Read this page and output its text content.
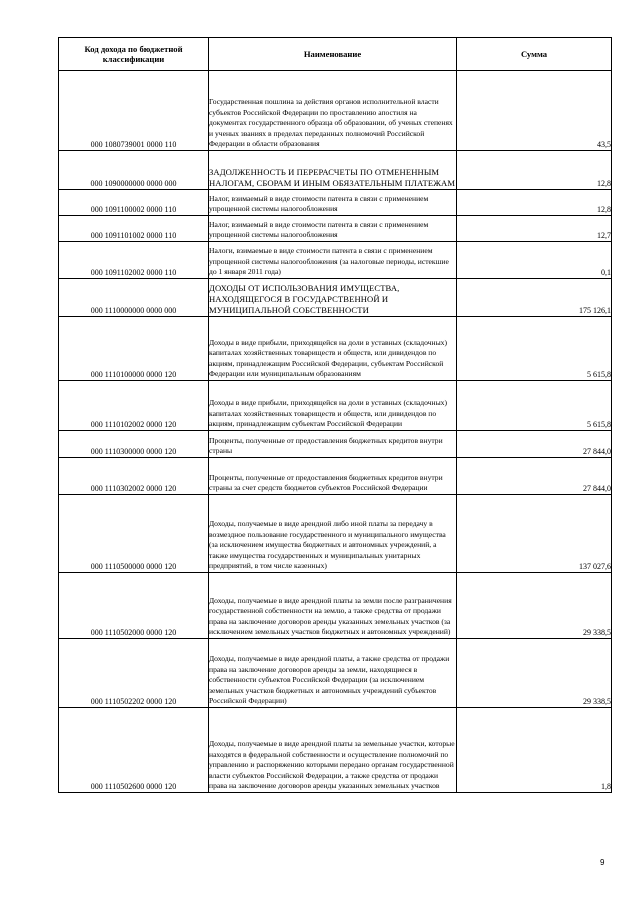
Код дохода по бюджетной классификации	Наименование	Сумма
000 1080739001 0000 110	Государственная пошлина за действия органов исполнительной власти субъектов Российской Федерации по проставлению апостиля на документах государственного образца об образовании, об ученых степенях и ученых званиях в пределах переданных полномочий Российской Федерации в области образования	43,5
000 1090000000 0000 000	ЗАДОЛЖЕННОСТЬ И ПЕРЕРАСЧЕТЫ ПО ОТМЕНЕННЫМ НАЛОГАМ, СБОРАМ И ИНЫМ ОБЯЗАТЕЛЬНЫМ ПЛАТЕЖАМ	12,8
000 1091100002 0000 110	Налог, взимаемый в виде стоимости патента в связи с применением упрощенной системы налогообложения	12,8
000 1091101002 0000 110	Налог, взимаемый в виде стоимости патента в связи с применением упрощенной системы налогообложения	12,7
000 1091102002 0000 110	Налоги, взимаемые в виде стоимости патента в связи с применением упрощенной системы налогообложения (за налоговые периоды, истекшие до 1 января 2011 года)	0,1
000 1110000000 0000 000	ДОХОДЫ ОТ ИСПОЛЬЗОВАНИЯ ИМУЩЕСТВА, НАХОДЯЩЕГОСЯ В ГОСУДАРСТВЕННОЙ И МУНИЦИПАЛЬНОЙ СОБСТВЕННОСТИ	175 126,1
000 1110100000 0000 120	Доходы в виде прибыли, приходящейся на доли в уставных (складочных) капиталах хозяйственных товариществ и обществ, или дивидендов по акциям, принадлежащим Российской Федерации, субъектам Российской Федерации или муниципальным образованиям	5 615,8
000 1110102002 0000 120	Доходы в виде прибыли, приходящейся на доли в уставных (складочных) капиталах хозяйственных товариществ и обществ, или дивидендов по акциям, принадлежащим субъектам Российской Федерации	5 615,8
000 1110300000 0000 120	Проценты, полученные от предоставления бюджетных кредитов внутри страны	27 844,0
000 1110302002 0000 120	Проценты, полученные от предоставления бюджетных кредитов внутри страны за счет средств бюджетов субъектов Российской Федерации	27 844,0
000 1110500000 0000 120	Доходы, получаемые в виде арендной либо иной платы за передачу в возмездное пользование государственного и муниципального имущества (за исключением имущества бюджетных и автономных учреждений, а также имущества государственных и муниципальных унитарных предприятий, в том числе казенных)	137 027,6
000 1110502000 0000 120	Доходы, получаемые в виде арендной платы за земли после разграничения государственной собственности на землю, а также средства от продажи права на заключение договоров аренды указанных земельных участков (за исключением земельных участков бюджетных и автономных учреждений)	29 338,5
000 1110502202 0000 120	Доходы, получаемые в виде арендной платы, а также средства от продажи права на заключение договоров аренды за земли, находящиеся в собственности субъектов Российской Федерации (за исключением земельных участков бюджетных и автономных учреждений субъектов Российской Федерации)	29 338,5
000 1110502600 0000 120	Доходы, получаемые в виде арендной платы за земельные участки, которые находятся в федеральной собственности и осуществление полномочий по управлению и распоряжению которыми передано органам государственной власти субъектов Российской Федерации, а также средства от продажи права на заключение договоров аренды указанных земельных участков	1,8
9
